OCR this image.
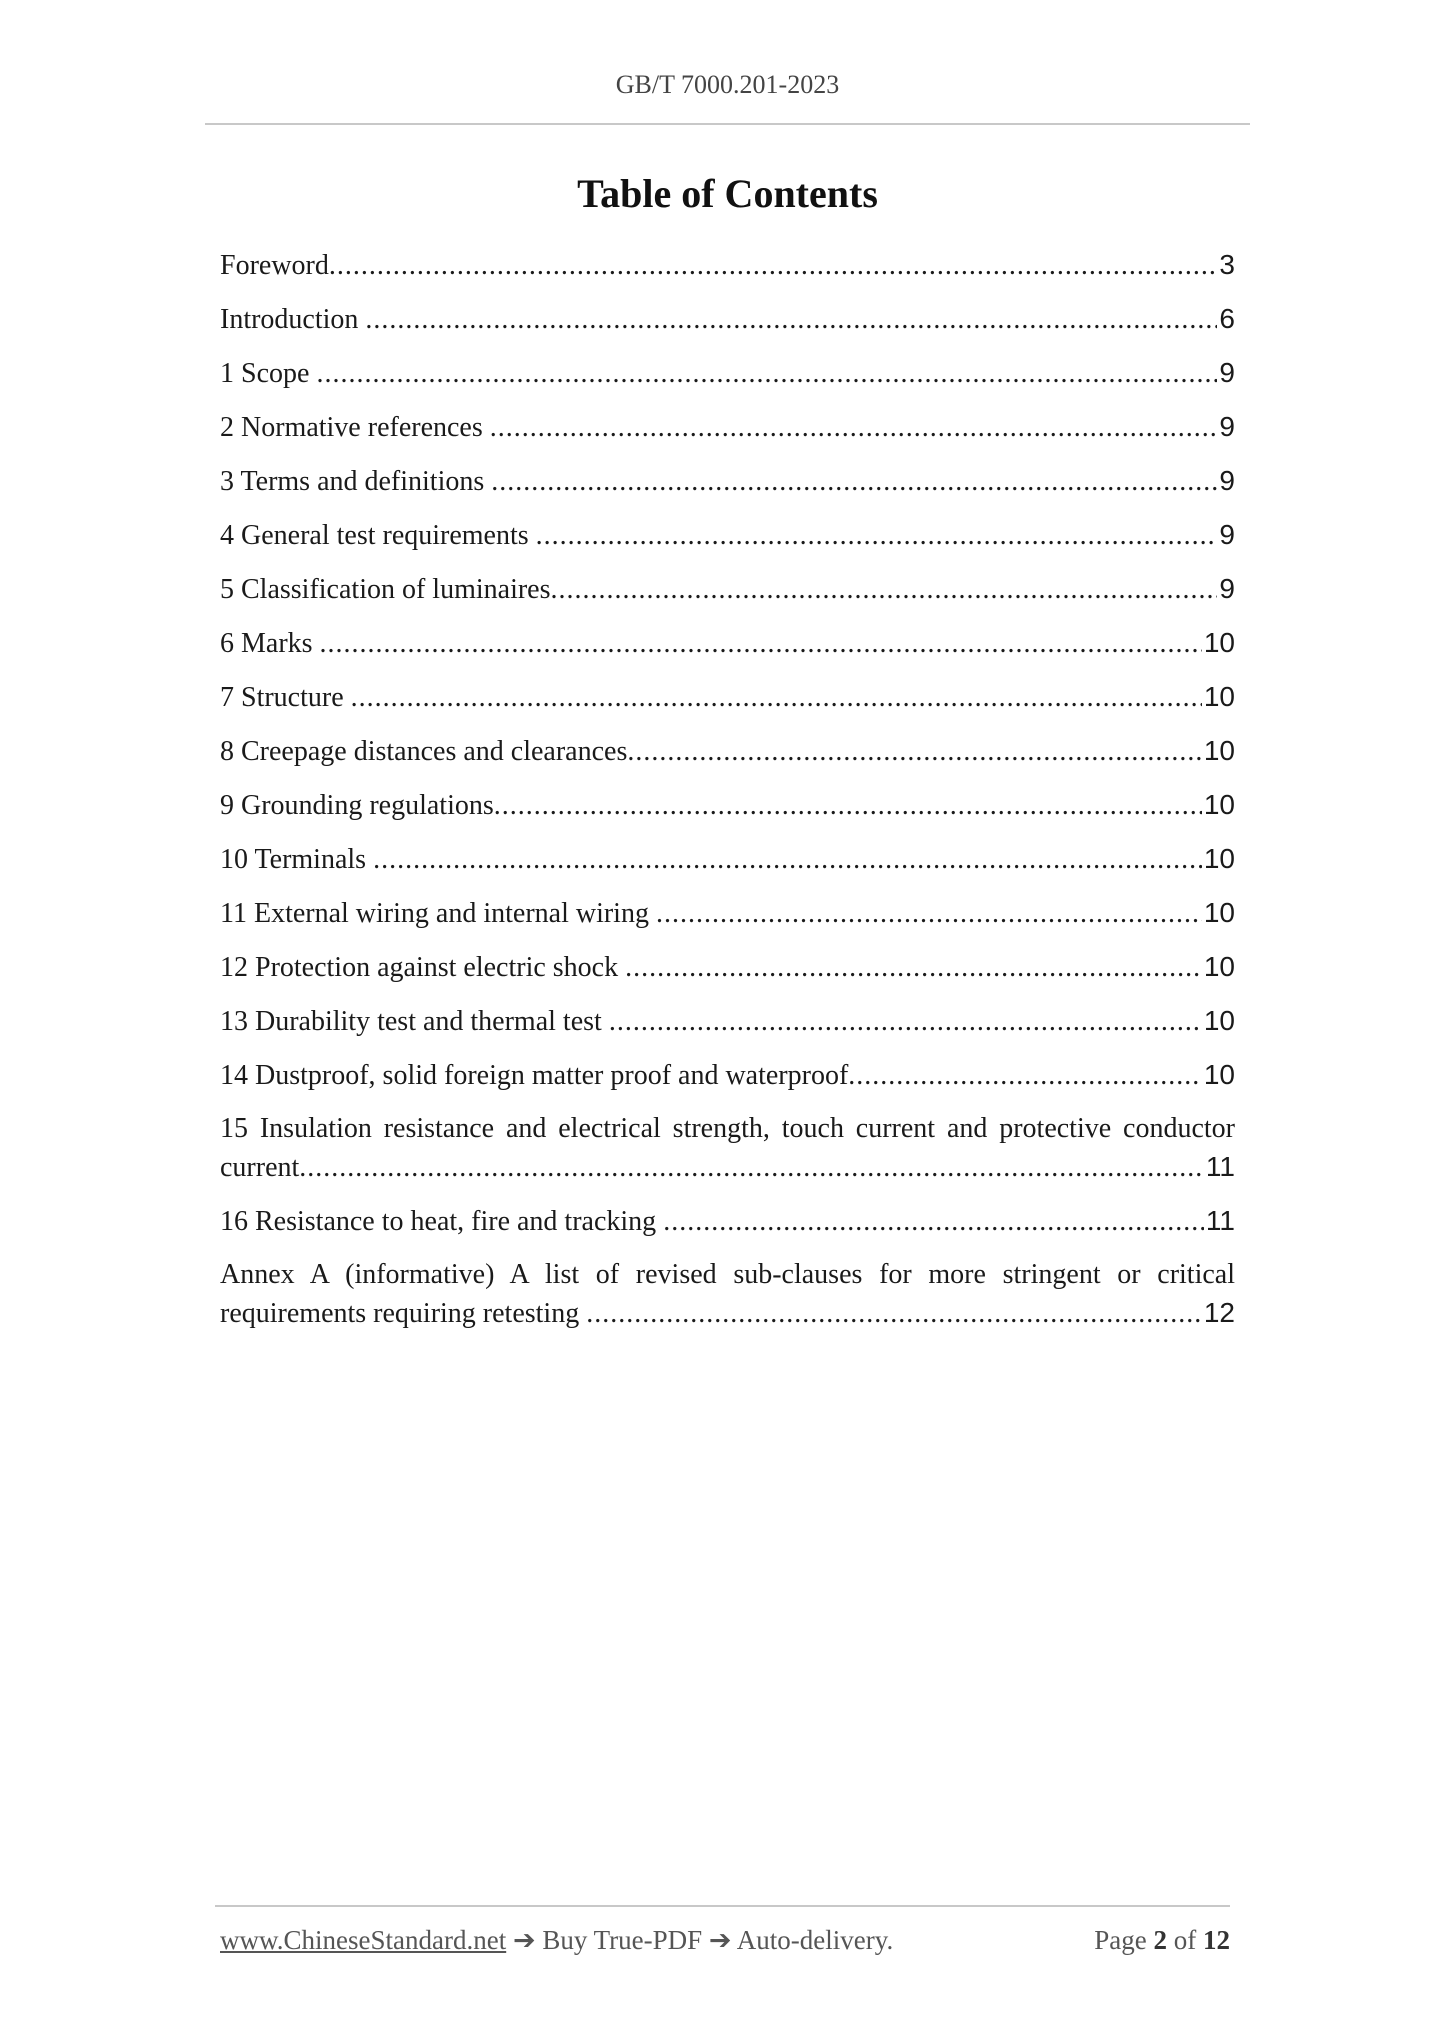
GB/T 7000.201-2023
Table of Contents
Foreword .....	3
Introduction .....	6
1 Scope .....	9
2 Normative references .....	9
3 Terms and definitions .....	9
4 General test requirements .....	9
5 Classification of luminaires .....	9
6 Marks .....	10
7 Structure .....	10
8 Creepage distances and clearances .....	10
9 Grounding regulations .....	10
10 Terminals .....	10
11 External wiring and internal wiring .....	10
12 Protection against electric shock .....	10
13 Durability test and thermal test .....	10
14 Dustproof, solid foreign matter proof and waterproof .....	10
15 Insulation resistance and electrical strength, touch current and protective conductor
current .....	11
16 Resistance to heat, fire and tracking .....	11
Annex A (informative) A list of revised sub-clauses for more stringent or critical
requirements requiring retesting .....	12
www.ChineseStandard.net ➔ Buy True-PDF ➔ Auto-delivery.	Page 2 of 12
